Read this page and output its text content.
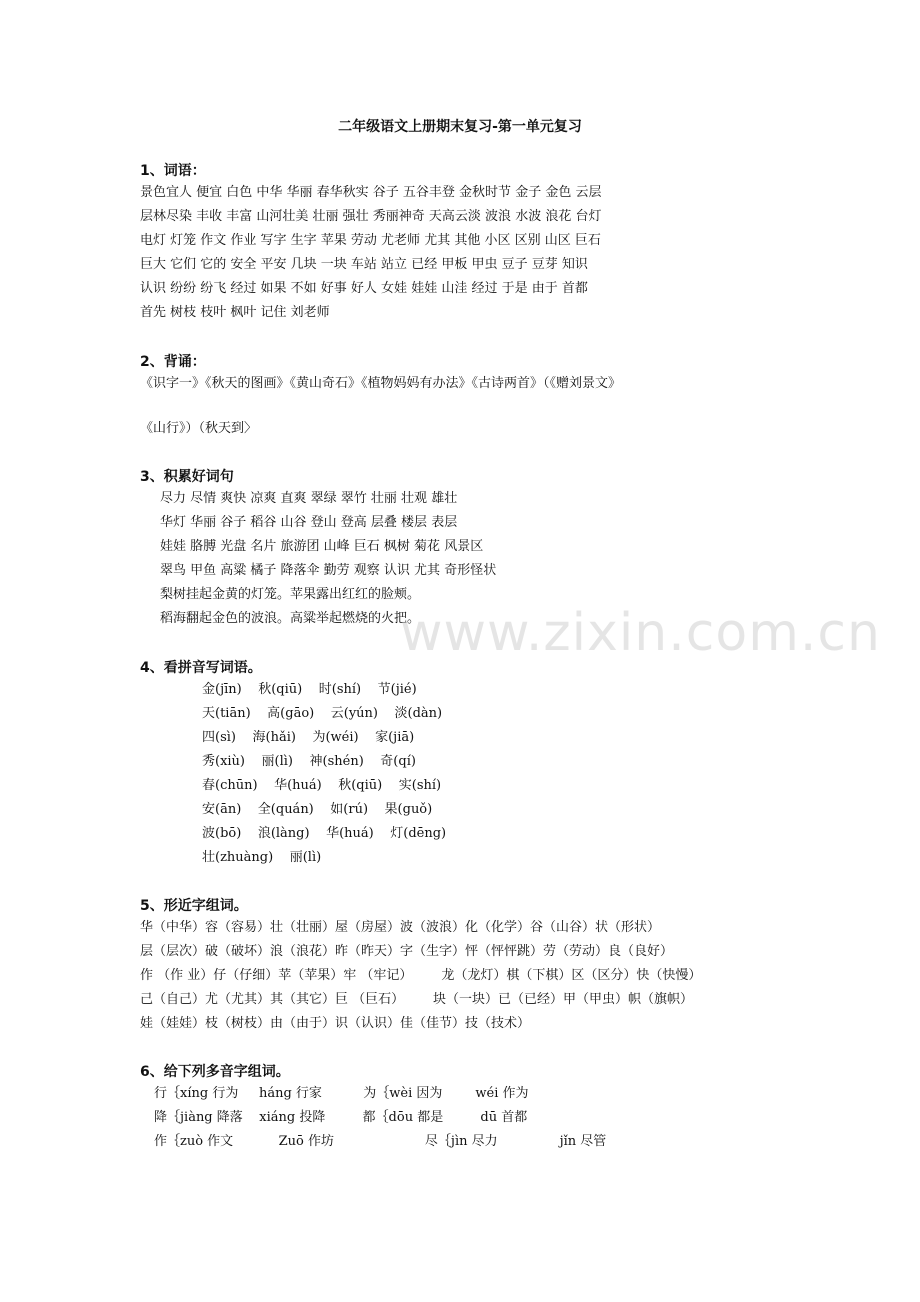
二年级语文上册期末复习-第一单元复习
1、词语：
景色宜人 便宜 白色 中华 华丽 春华秋实 谷子 五谷丰登 金秋时节 金子 金色 云层
层林尽染 丰收 丰富 山河壮美 壮丽 强壮 秀丽神奇 天高云淡 波浪 水波 浪花 台灯
电灯 灯笼 作文 作业 写字 生字 苹果 劳动 尤老师 尤其 其他 小区 区别 山区 巨石
巨大 它们 它的 安全 平安 几块 一块 车站 站立 已经 甲板 甲虫 豆子 豆芽 知识
认识 纷纷 纷飞 经过 如果 不如 好事 好人 女娃 娃娃 山洼 经过 于是 由于 首都
首先 树枝 枝叶 枫叶 记住 刘老师
2、背诵：
《识字一》《秋天的图画》《黄山奇石》《植物妈妈有办法》《古诗两首》（《赠刘景文》
《山行》）（秋天到〉
3、积累好词句
尽力 尽情 爽快 凉爽 直爽 翠绿 翠竹 壮丽 壮观 雄壮
华灯 华丽 谷子 稻谷 山谷 登山 登高 层叠 楼层 表层
娃娃 胳膊 光盘 名片 旅游团 山峰 巨石 枫树 菊花 风景区
翠鸟 甲鱼 高粱 橘子 降落伞 勤劳 观察 认识 尤其 奇形怪状
梨树挂起金黄的灯笼。苹果露出红红的脸颊。
稻海翻起金色的波浪。高粱举起燃烧的火把。
www.zixin.com.cn
4、看拼音写词语。
金(jīn)    秋(qiū)    时(shí)    节(jié)
天(tiān)    高(gāo)    云(yún)    淡(dàn)
四(sì)    海(hǎi)    为(wéi)    家(jiā)
秀(xiù)    丽(lì)    神(shén)    奇(qí)
春(chūn)    华(huá)    秋(qiū)    实(shí)
安(ān)    全(quán)    如(rú)    果(guǒ)
波(bō)    浪(làng)    华(huá)    灯(dēng)
壮(zhuàng)    丽(lì)
5、形近字组词。
华（中华）容（容易）壮（壮丽）屋（房屋）波（波浪）化（化学）谷（山谷）状（形状）
层（层次）破（破坏）浪（浪花）昨（昨天）字（生字）怦（怦怦跳）劳（劳动）良（良好）
作 （作 业）仔（仔细）苹（苹果）牢 （牢记）       龙（龙灯）棋（下棋）区（区分）快（快慢）
己（自己）尤（尤其）其（其它）巨 （巨石）       块（一块）已（已经）甲（甲虫）帜（旗帜）
娃（娃娃）枝（树枝）由（由于）识（认识）佳（佳节）技（技术）
6、给下列多音字组词。
行｛xíng 行为     háng 行家          为｛wèi 因为        wéi 作为
降｛jiàng 降落    xiáng 投降         都｛dōu 都是         dū 首都
作｛zuò 作文           Zuō 作坊                      尽｛jìn 尽力               jǐn 尽管
